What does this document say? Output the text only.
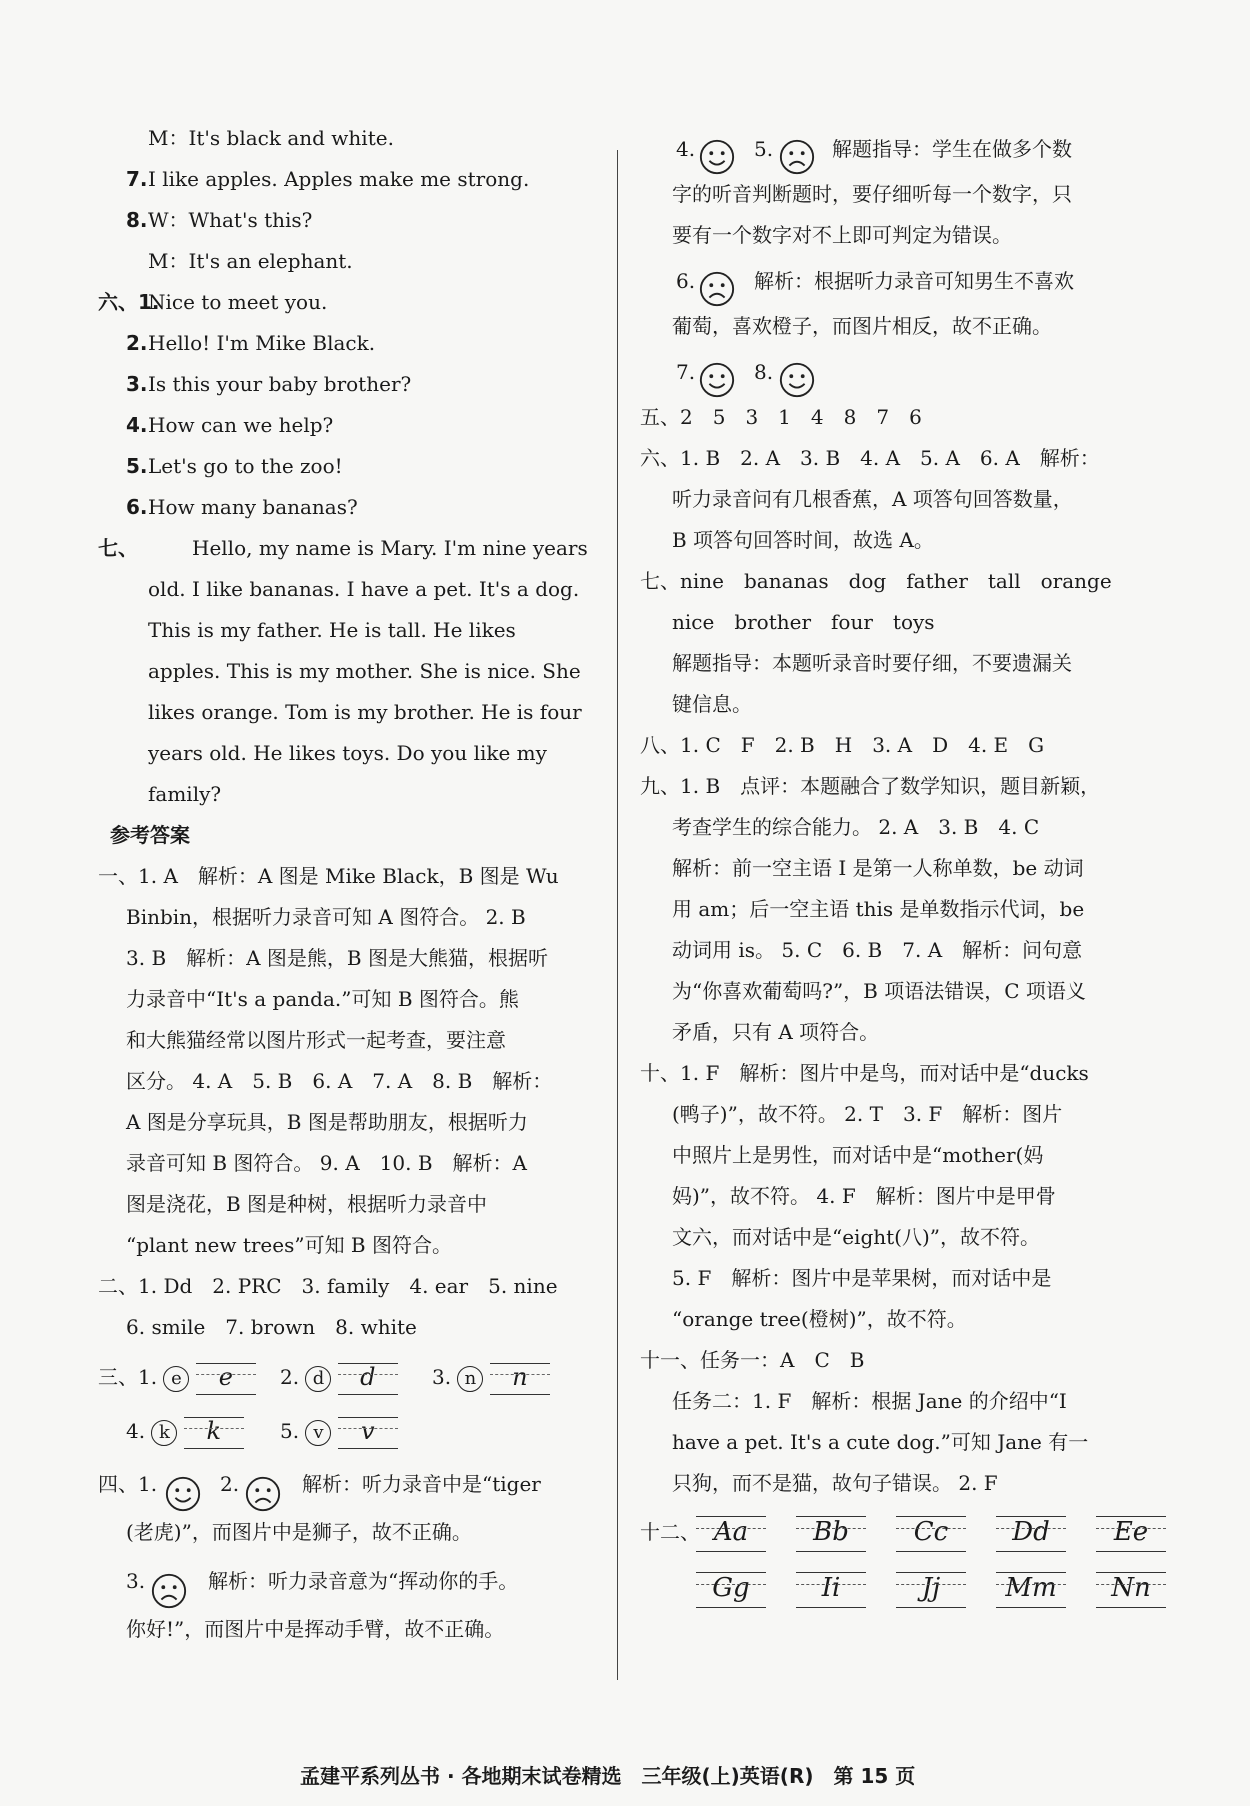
M：It's black and white.
7. I like apples. Apples make me strong.
8. W：What's this?
M：It's an elephant.
六、1.
Nice to meet you.
2. Hello! I'm Mike Black.
3. Is this your baby brother?
4. How can we help?
5. Let's go to the zoo!
6. How many bananas?
七、	Hello, my name is Mary. I'm nine years
old. I like bananas. I have a pet. It's a dog.
This is my father. He is tall. He likes
apples. This is my mother. She is nice. She
likes orange. Tom is my brother. He is four
years old. He likes toys. Do you like my
family?
参考答案
一、1. A　解析：A 图是 Mike Black，B 图是 Wu
Binbin，根据听力录音可知 A 图符合。 2. B
3. B　解析：A 图是熊，B 图是大熊猫，根据听
力录音中“It's a panda.”可知 B 图符合。熊
和大熊猫经常以图片形式一起考查，要注意
区分。 4. A　5. B　6. A　7. A　8. B　解析：
A 图是分享玩具，B 图是帮助朋友，根据听力
录音可知 B 图符合。 9. A　10. B　解析：A
图是浇花，B 图是种树，根据听力录音中
“plant new trees”可知 B 图符合。
二、1. Dd　2. PRC　3. family　4. ear　5. nine
6. smile　7. brown　8. white
三、1. e e	2. d d	3. n n
4. k k	5. v v
四、1.	2.	解析：听力录音中是“tiger
(老虎)”，而图片中是狮子，故不正确。
3.	解析：听力录音意为“挥动你的手。
你好!”，而图片中是挥动手臂，故不正确。
4.	5.	解题指导：学生在做多个数
字的听音判断题时，要仔细听每一个数字，只
要有一个数字对不上即可判定为错误。
6.	解析：根据听力录音可知男生不喜欢
葡萄，喜欢橙子，而图片相反，故不正确。
7.	8.
五、2　5　3　1　4　8　7　6
六、1. B　2. A　3. B　4. A　5. A　6. A　解析：
听力录音问有几根香蕉，A 项答句回答数量，
B 项答句回答时间，故选 A。
七、nine　bananas　dog　father　tall　orange
nice　brother　four　toys
解题指导：本题听录音时要仔细，不要遗漏关
键信息。
八、1. C　F　2. B　H　3. A　D　4. E　G
九、1. B　点评：本题融合了数学知识，题目新颖，
考查学生的综合能力。 2. A　3. B　4. C
解析：前一空主语 I 是第一人称单数，be 动词
用 am；后一空主语 this 是单数指示代词，be
动词用 is。 5. C　6. B　7. A　解析：问句意
为“你喜欢葡萄吗?”，B 项语法错误，C 项语义
矛盾，只有 A 项符合。
十、1. F　解析：图片中是鸟，而对话中是“ducks
(鸭子)”，故不符。 2. T　3. F　解析：图片
中照片上是男性，而对话中是“mother(妈
妈)”，故不符。 4. F　解析：图片中是甲骨
文六，而对话中是“eight(八)”，故不符。
5. F　解析：图片中是苹果树，而对话中是
“orange tree(橙树)”，故不符。
十一、任务一：A　C　B
任务二：1. F　解析：根据 Jane 的介绍中“I
have a pet. It's a cute dog.”可知 Jane 有一
只狗，而不是猫，故句子错误。 2. F
十二、 Aa Bb Cc Dd Ee
Gg	Ii	Jj	Mm Nn
孟建平系列丛书 · 各地期末试卷精选　三年级(上)英语(R)　第 15 页
